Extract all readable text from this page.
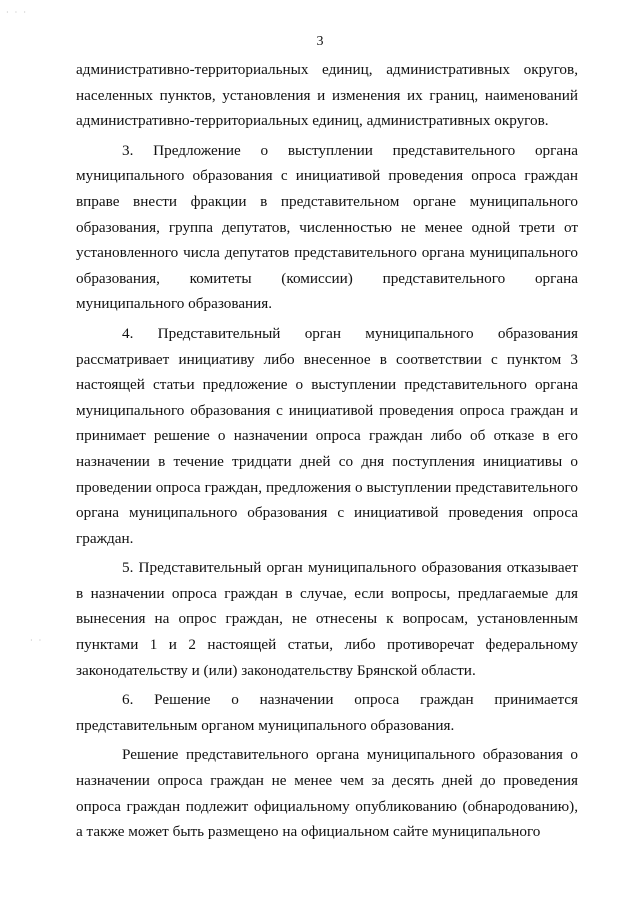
· · ·
· ·
3

административно-территориальных единиц, административных округов, населенных пунктов, установления и изменения их границ, наименований административно-территориальных единиц, административных округов.

3. Предложение о выступлении представительного органа муниципального образования с инициативой проведения опроса граждан вправе внести фракции в представительном органе муниципального образования, группа депутатов, численностью не менее одной трети от установленного числа депутатов представительного органа муниципального образования, комитеты (комиссии) представительного органа муниципального образования.

4. Представительный орган муниципального образования рассматривает инициативу либо внесенное в соответствии с пунктом 3 настоящей статьи предложение о выступлении представительного органа муниципального образования с инициативой проведения опроса граждан и принимает решение о назначении опроса граждан либо об отказе в его назначении в течение тридцати дней со дня поступления инициативы о проведении опроса граждан, предложения о выступлении представительного органа муниципального образования с инициативой проведения опроса граждан.

5. Представительный орган муниципального образования отказывает в назначении опроса граждан в случае, если вопросы, предлагаемые для вынесения на опрос граждан, не отнесены к вопросам, установленным пунктами 1 и 2 настоящей статьи, либо противоречат федеральному законодательству и (или) законодательству Брянской области.

6. Решение о назначении опроса граждан принимается представительным органом муниципального образования.

Решение представительного органа муниципального образования о назначении опроса граждан не менее чем за десять дней до проведения опроса граждан подлежит официальному опубликованию (обнародованию), а также может быть размещено на официальном сайте муниципального
